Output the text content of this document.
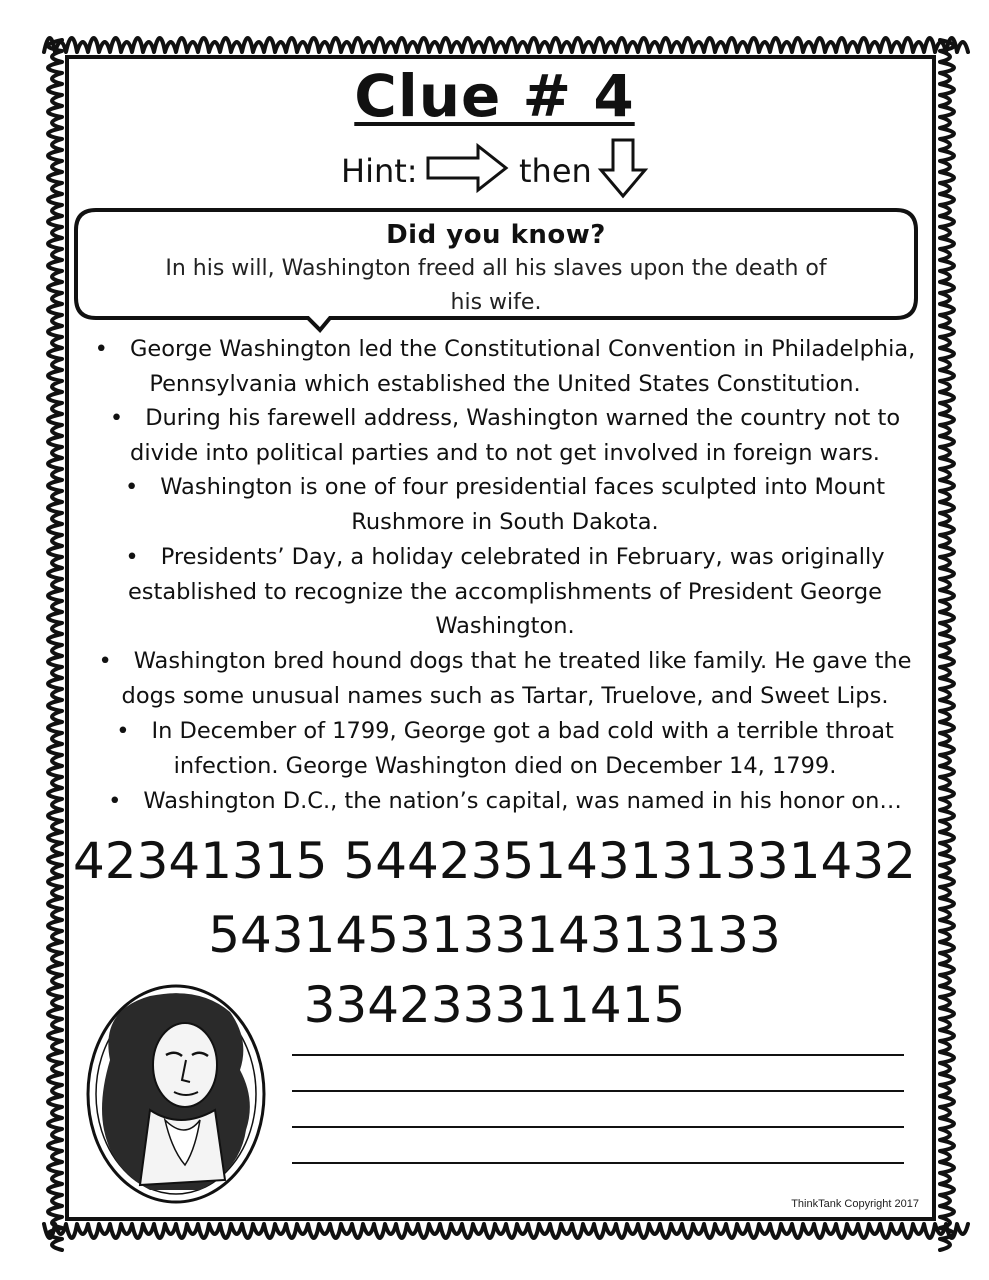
Clue # 4
Hint:	then
Did you know?
In his will, Washington freed all his slaves upon the death of his wife.
• George Washington led the Constitutional Convention in Philadelphia, Pennsylvania which established the United States Constitution.
• During his farewell address, Washington warned the country not to divide into political parties and to not get involved in foreign wars.
• Washington is one of four presidential faces sculpted into Mount Rushmore in South Dakota.
• Presidents’ Day, a holiday celebrated in February, was originally established to recognize the accomplishments of President George Washington.
• Washington bred hound dogs that he treated like family. He gave the dogs some unusual names such as Tartar, Truelove, and Sweet Lips.
• In December of 1799, George got a bad cold with a terrible throat infection. George Washington died on December 14, 1799.
• Washington D.C., the nation’s capital, was named in his honor on…
42341315 544235143131331432
543145313314313133
334233311415
ThinkTank Copyright 2017
